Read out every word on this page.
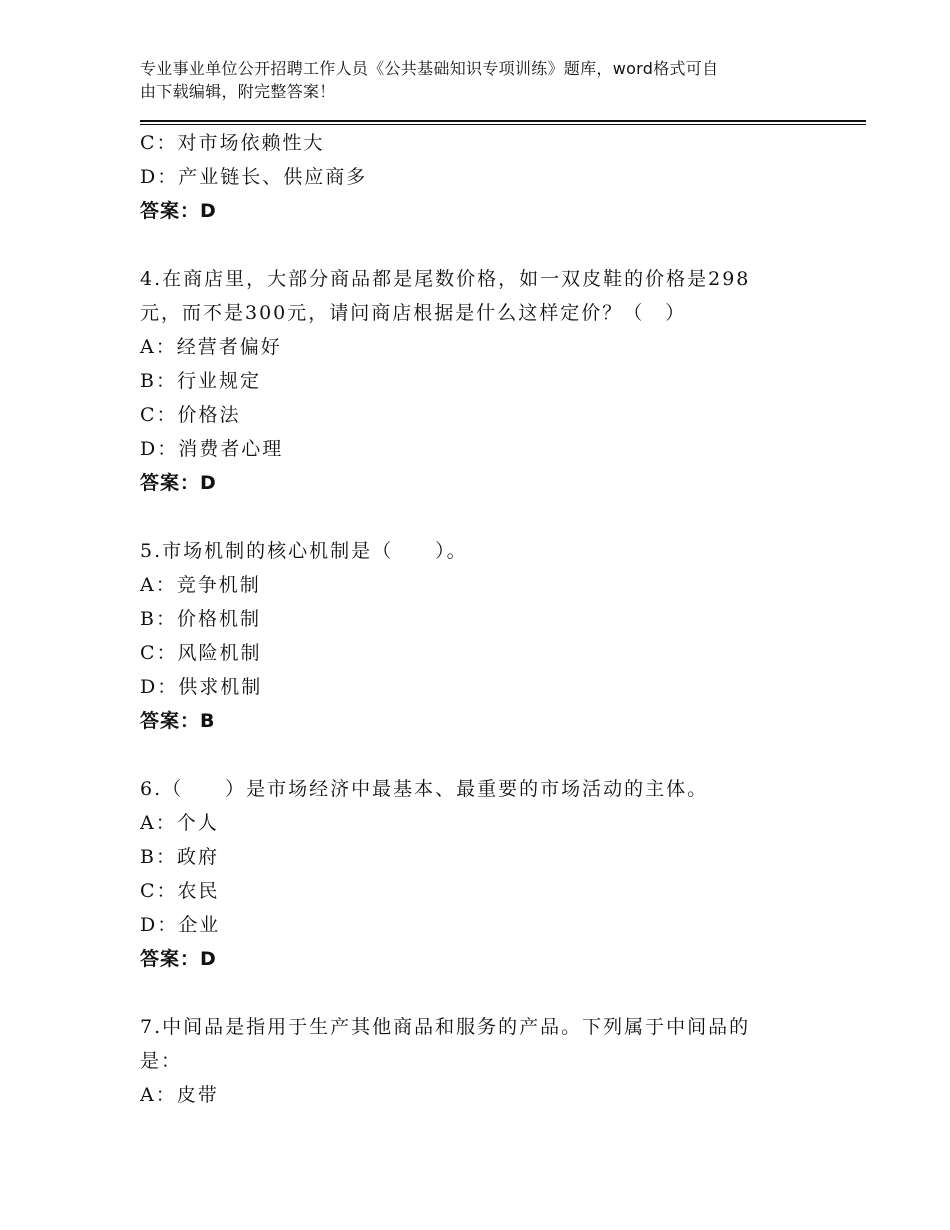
专业事业单位公开招聘工作人员《公共基础知识专项训练》题库，word格式可自
由下载编辑，附完整答案！
C：对市场依赖性大
D：产业链长、供应商多
答案：D
4.在商店里，大部分商品都是尾数价格，如一双皮鞋的价格是298
元，而不是300元，请问商店根据是什么这样定价？（　）
A：经营者偏好
B：行业规定
C：价格法
D：消费者心理
答案：D
5.市场机制的核心机制是（　　）。
A：竞争机制
B：价格机制
C：风险机制
D：供求机制
答案：B
6.（　　）是市场经济中最基本、最重要的市场活动的主体。
A：个人
B：政府
C：农民
D：企业
答案：D
7.中间品是指用于生产其他商品和服务的产品。下列属于中间品的
是：
A：皮带
